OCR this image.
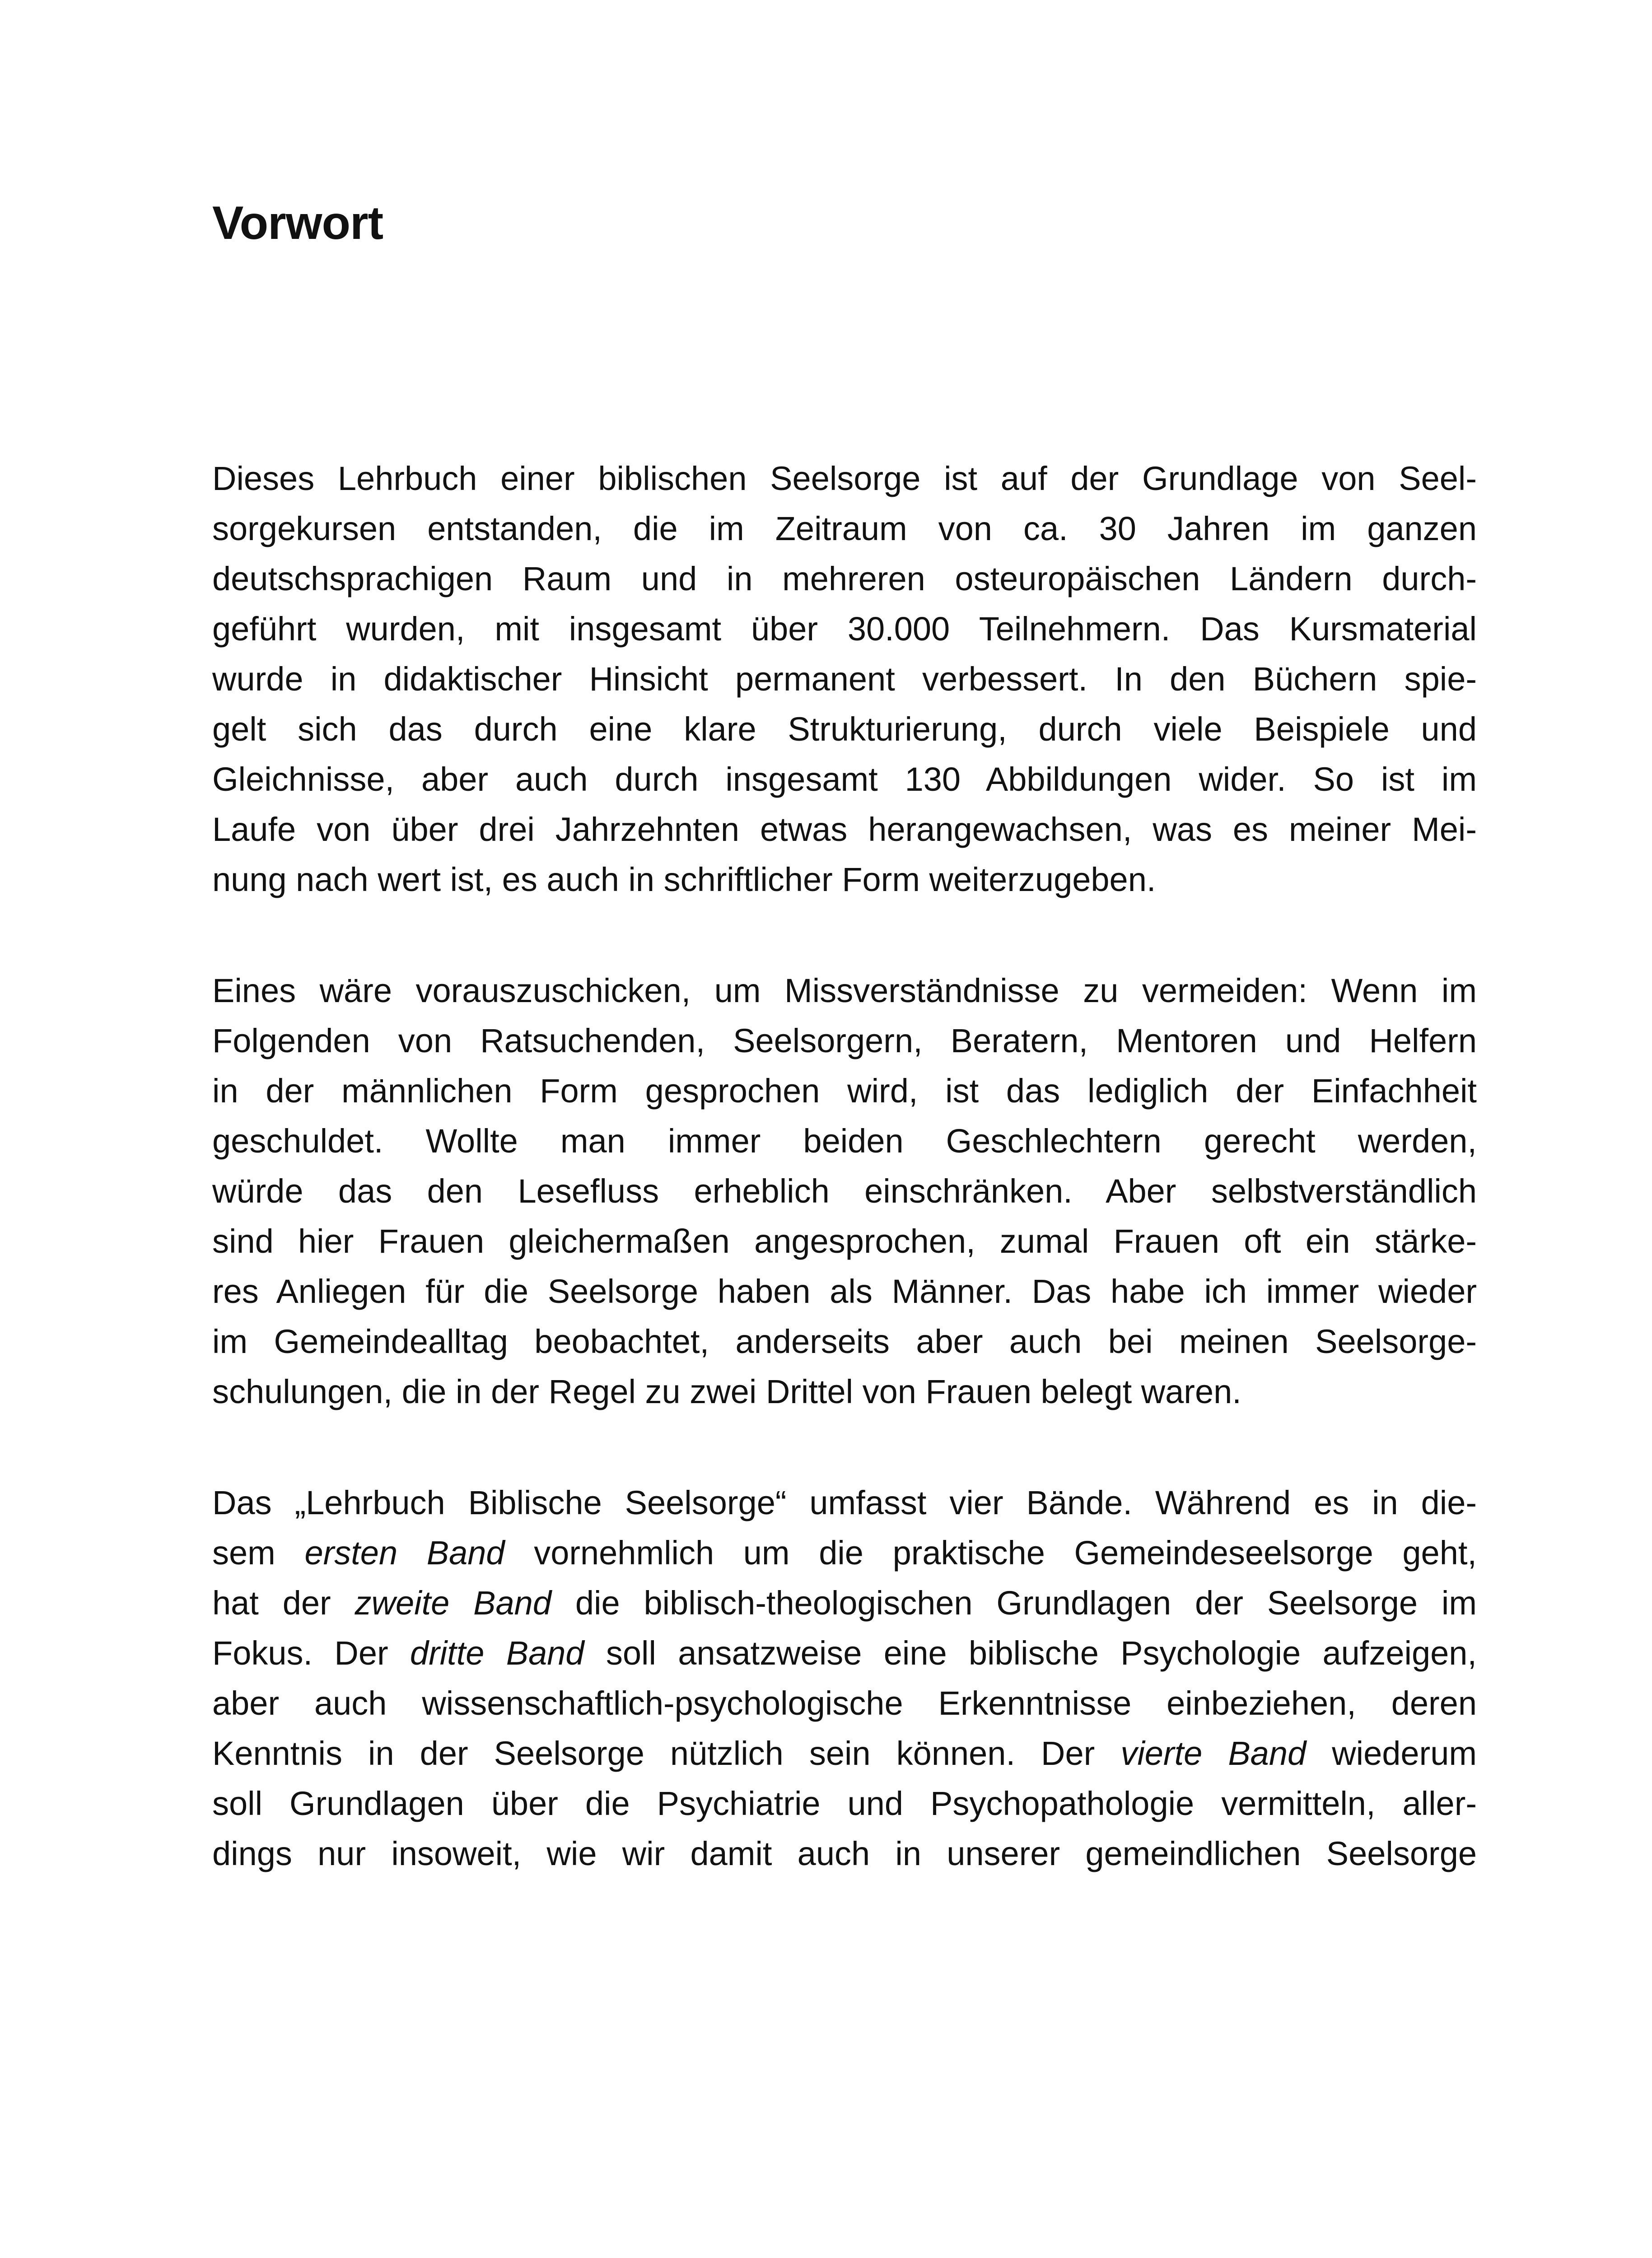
Vorwort
Dieses Lehrbuch einer biblischen Seelsorge ist auf der Grundlage von Seel-
sorgekursen entstanden, die im Zeitraum von ca. 30 Jahren im ganzen
deutschsprachigen Raum und in mehreren osteuropäischen Ländern durch-
geführt wurden, mit insgesamt über 30.000 Teilnehmern. Das Kursmaterial
wurde in didaktischer Hinsicht permanent verbessert. In den Büchern spie-
gelt sich das durch eine klare Strukturierung, durch viele Beispiele und
Gleichnisse, aber auch durch insgesamt 130 Abbildungen wider. So ist im
Laufe von über drei Jahrzehnten etwas herangewachsen, was es meiner Mei-
nung nach wert ist, es auch in schriftlicher Form weiterzugeben.
Eines wäre vorauszuschicken, um Missverständnisse zu vermeiden: Wenn im
Folgenden von Ratsuchenden, Seelsorgern, Beratern, Mentoren und Helfern
in der männlichen Form gesprochen wird, ist das lediglich der Einfachheit
geschuldet. Wollte man immer beiden Geschlechtern gerecht werden,
würde das den Lesefluss erheblich einschränken. Aber selbstverständlich
sind hier Frauen gleichermaßen angesprochen, zumal Frauen oft ein stärke-
res Anliegen für die Seelsorge haben als Männer. Das habe ich immer wieder
im Gemeindealltag beobachtet, anderseits aber auch bei meinen Seelsorge-
schulungen, die in der Regel zu zwei Drittel von Frauen belegt waren.
Das „Lehrbuch Biblische Seelsorge“ umfasst vier Bände. Während es in die-
sem ersten Band vornehmlich um die praktische Gemeindeseelsorge geht,
hat der zweite Band die biblisch-theologischen Grundlagen der Seelsorge im
Fokus. Der dritte Band soll ansatzweise eine biblische Psychologie aufzeigen,
aber auch wissenschaftlich-psychologische Erkenntnisse einbeziehen, deren
Kenntnis in der Seelsorge nützlich sein können. Der vierte Band wiederum
soll Grundlagen über die Psychiatrie und Psychopathologie vermitteln, aller-
dings nur insoweit, wie wir damit auch in unserer gemeindlichen Seelsorge
